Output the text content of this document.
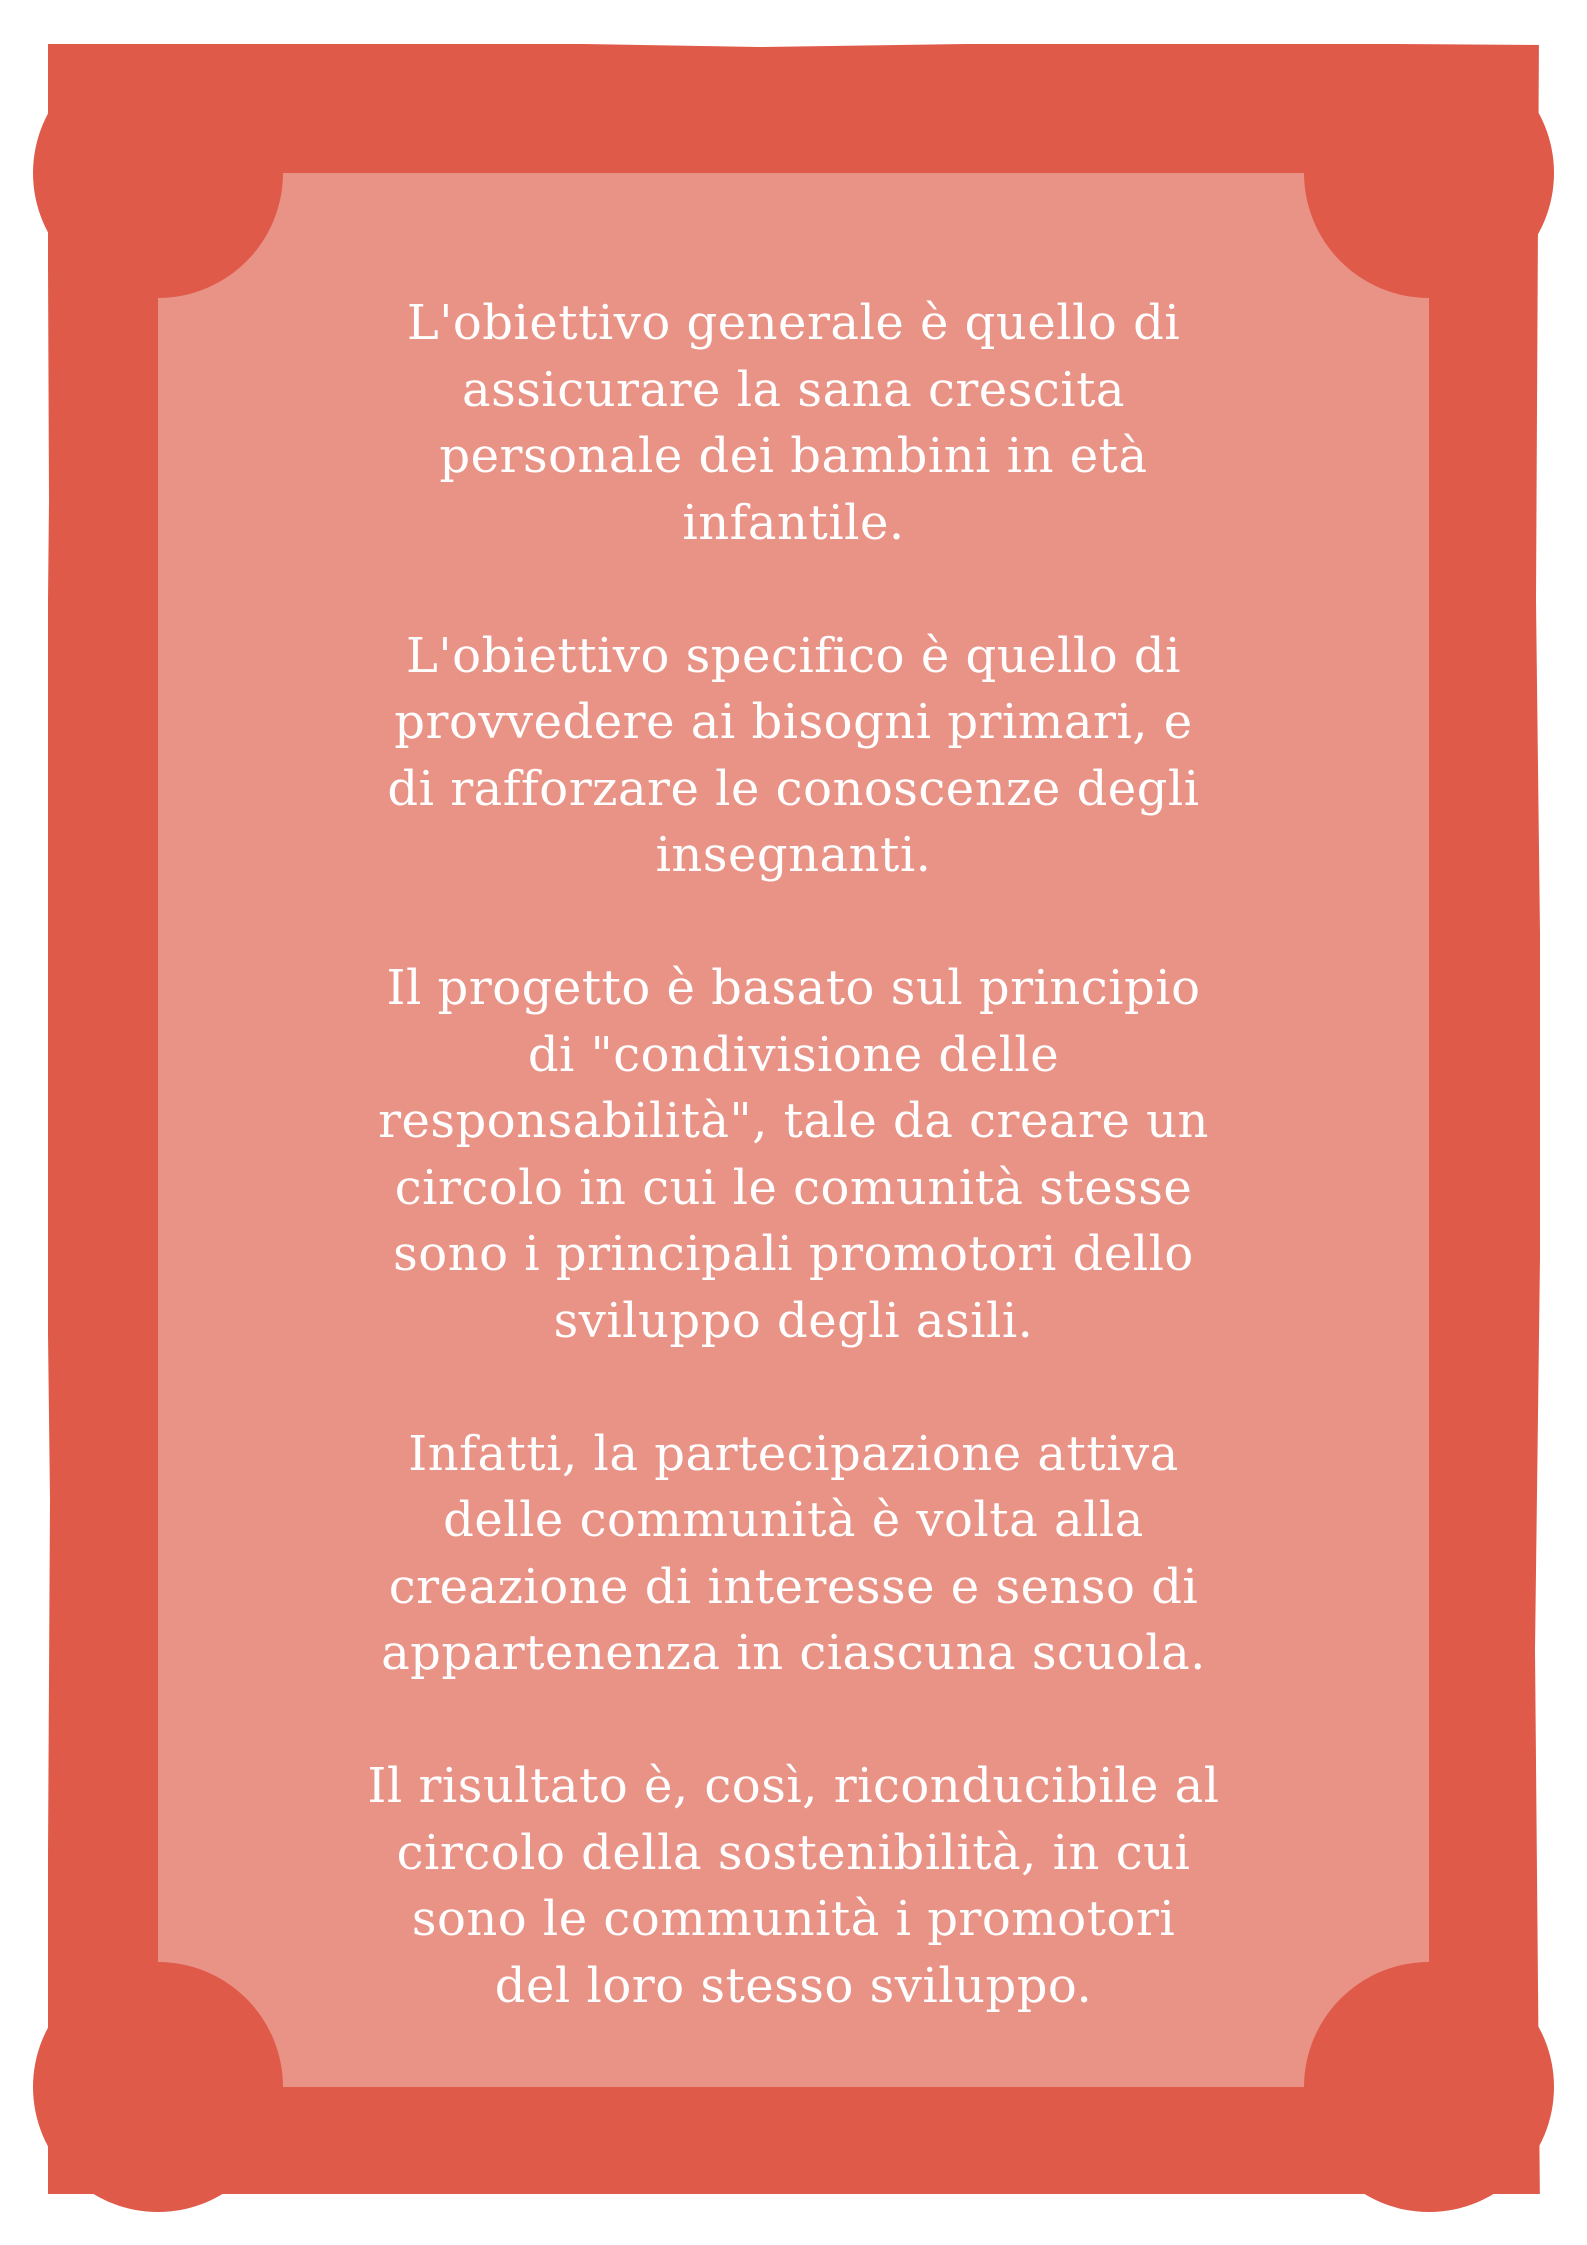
L'obiettivo generale è quello di
assicurare la sana crescita
personale dei bambini in età
infantile.

L'obiettivo specifico è quello di
provvedere ai bisogni primari, e
di rafforzare le conoscenze degli
insegnanti.

Il progetto è basato sul principio
di "condivisione delle
responsabilità", tale da creare un
circolo in cui le comunità stesse
sono i principali promotori dello
sviluppo degli asili.

Infatti, la partecipazione attiva
delle communità è volta alla
creazione di interesse e senso di
appartenenza in ciascuna scuola.

Il risultato è, così, riconducibile al
circolo della sostenibilità, in cui
sono le communità i promotori
del loro stesso sviluppo.
